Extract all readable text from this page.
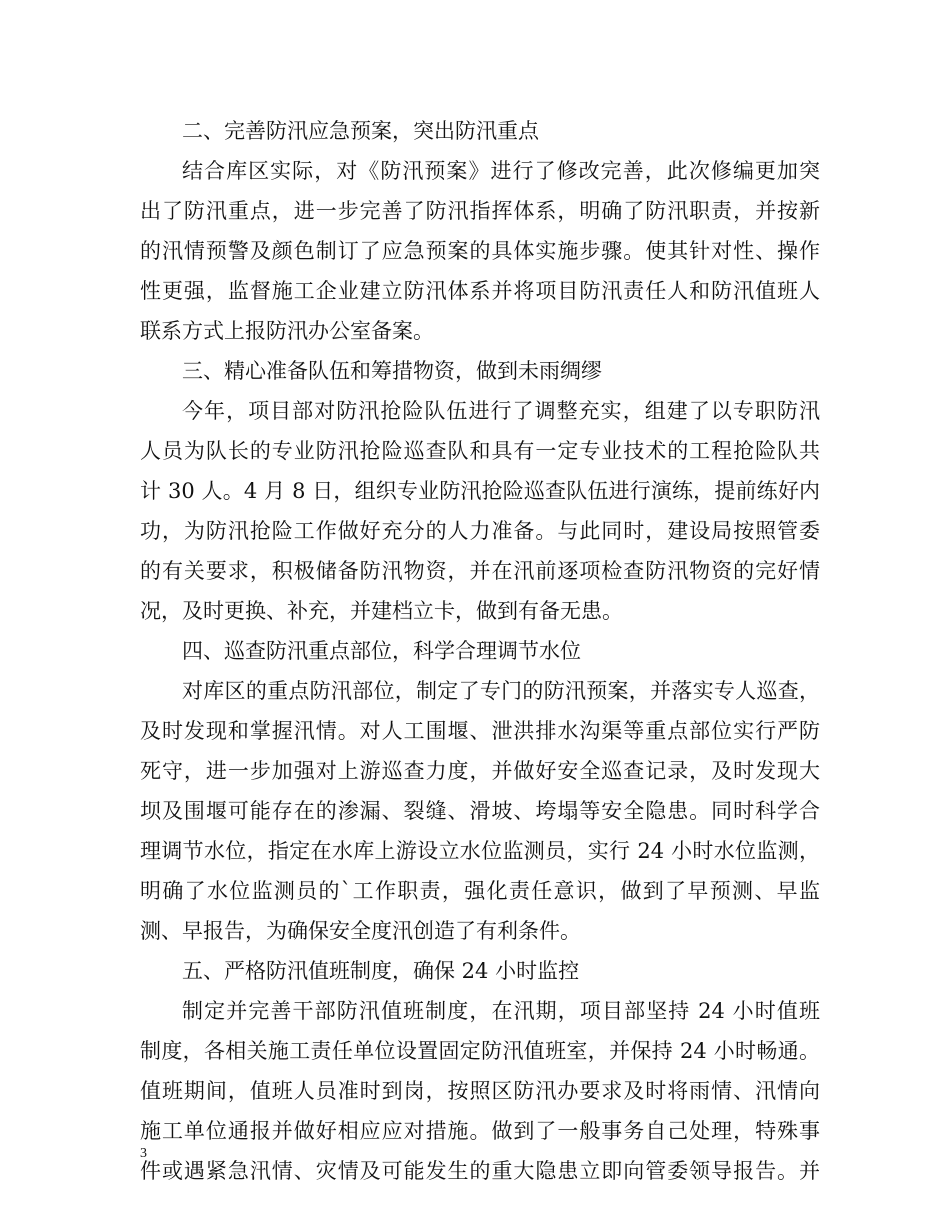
二、完善防汛应急预案，突出防汛重点

结合库区实际，对《防汛预案》进行了修改完善，此次修编更加突

出了防汛重点，进一步完善了防汛指挥体系，明确了防汛职责，并按新

的汛情预警及颜色制订了应急预案的具体实施步骤。使其针对性、操作

性更强，监督施工企业建立防汛体系并将项目防汛责任人和防汛值班人

联系方式上报防汛办公室备案。

三、精心准备队伍和筹措物资，做到未雨绸缪

今年，项目部对防汛抢险队伍进行了调整充实，组建了以专职防汛

人员为队长的专业防汛抢险巡查队和具有一定专业技术的工程抢险队共

计 30 人。4 月 8 日，组织专业防汛抢险巡查队伍进行演练，提前练好内

功，为防汛抢险工作做好充分的人力准备。与此同时，建设局按照管委

的有关要求，积极储备防汛物资，并在汛前逐项检查防汛物资的完好情

况，及时更换、补充，并建档立卡，做到有备无患。

四、巡查防汛重点部位，科学合理调节水位

对库区的重点防汛部位，制定了专门的防汛预案，并落实专人巡查，

及时发现和掌握汛情。对人工围堰、泄洪排水沟渠等重点部位实行严防

死守，进一步加强对上游巡查力度，并做好安全巡查记录，及时发现大

坝及围堰可能存在的渗漏、裂缝、滑坡、垮塌等安全隐患。同时科学合

理调节水位，指定在水库上游设立水位监测员，实行 24 小时水位监测，

明确了水位监测员的`工作职责，强化责任意识，做到了早预测、早监

测、早报告，为确保安全度汛创造了有利条件。

五、严格防汛值班制度，确保 24 小时监控

制定并完善干部防汛值班制度，在汛期，项目部坚持 24 小时值班

制度，各相关施工责任单位设置固定防汛值班室，并保持 24 小时畅通。

值班期间，值班人员准时到岗，按照区防汛办要求及时将雨情、汛情向

施工单位通报并做好相应应对措施。做到了一般事务自己处理，特殊事

件或遇紧急汛情、灾情及可能发生的重大隐患立即向管委领导报告。并

3
